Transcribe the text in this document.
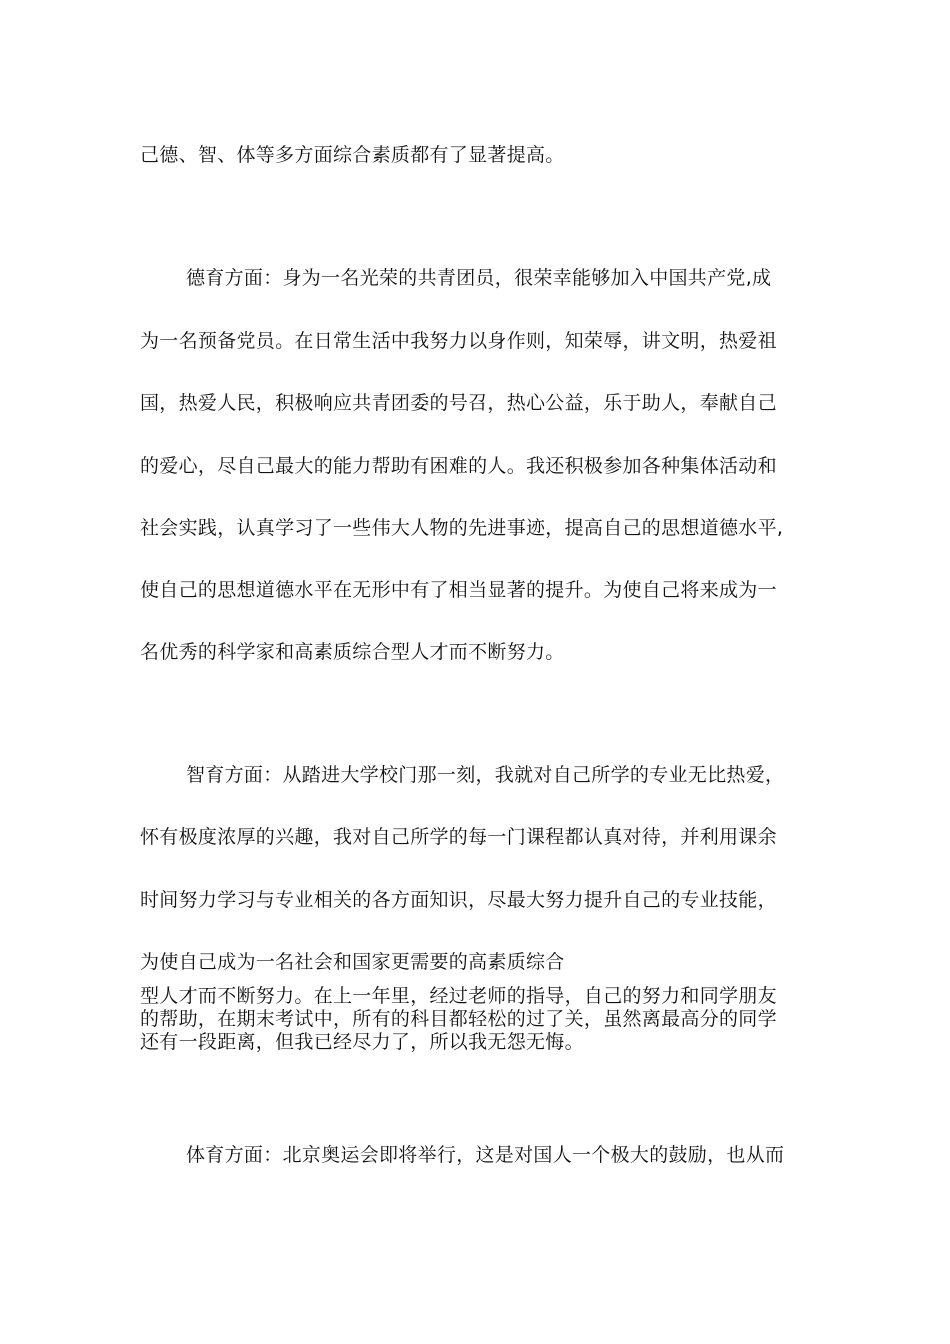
己德、智、体等多方面综合素质都有了显著提高。
德育方面：身为一名光荣的共青团员，很荣幸能够加入中国共产党,成
为一名预备党员。在日常生活中我努力以身作则，知荣辱，讲文明，热爱祖
国，热爱人民，积极响应共青团委的号召，热心公益，乐于助人，奉献自己
的爱心，尽自己最大的能力帮助有困难的人。我还积极参加各种集体活动和
社会实践，认真学习了一些伟大人物的先进事迹，提高自己的思想道德水平,
使自己的思想道德水平在无形中有了相当显著的提升。为使自己将来成为一
名优秀的科学家和高素质综合型人才而不断努力。
智育方面：从踏进大学校门那一刻，我就对自己所学的专业无比热爱，
怀有极度浓厚的兴趣，我对自己所学的每一门课程都认真对待，并利用课余
时间努力学习与专业相关的各方面知识，尽最大努力提升自己的专业技能，
为使自己成为一名社会和国家更需要的高素质综合
型人才而不断努力。在上一年里，经过老师的指导，自己的努力和同学朋友
的帮助，在期末考试中，所有的科目都轻松的过了关，虽然离最高分的同学
还有一段距离，但我已经尽力了，所以我无怨无悔。
体育方面：北京奥运会即将举行，这是对国人一个极大的鼓励，也从而
